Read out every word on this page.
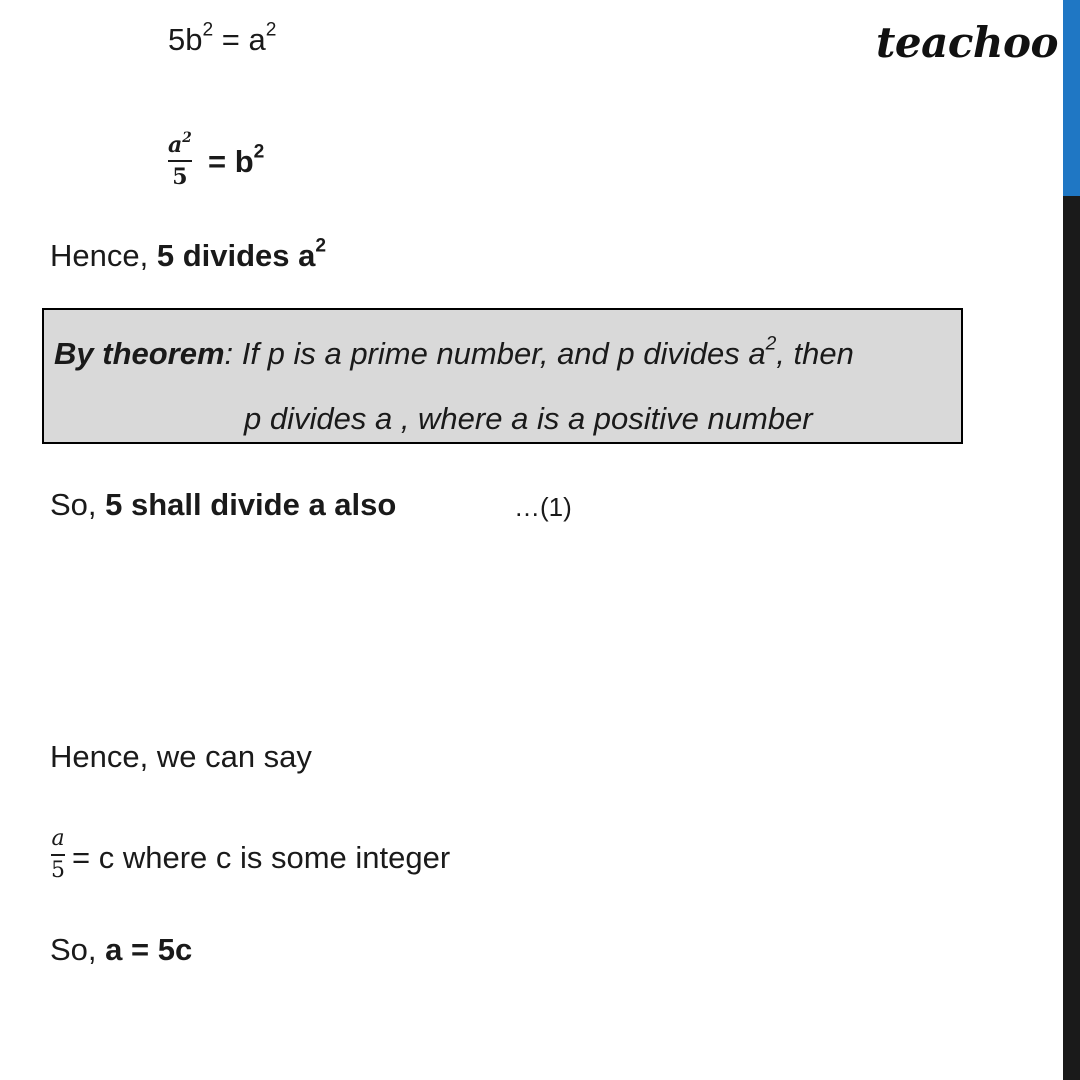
teachoo
$5b^2 = a^2$
$a^2$
$5 = b^2$
Hence, 5 divides $a^2$
By theorem: If p is a prime number, and p divides $a^2$, then
p divides a , where a is a positive number
So, 5 shall divide a also	…(1)
Hence, we can say
a
5 = c where c is some integer
So, a = 5c
